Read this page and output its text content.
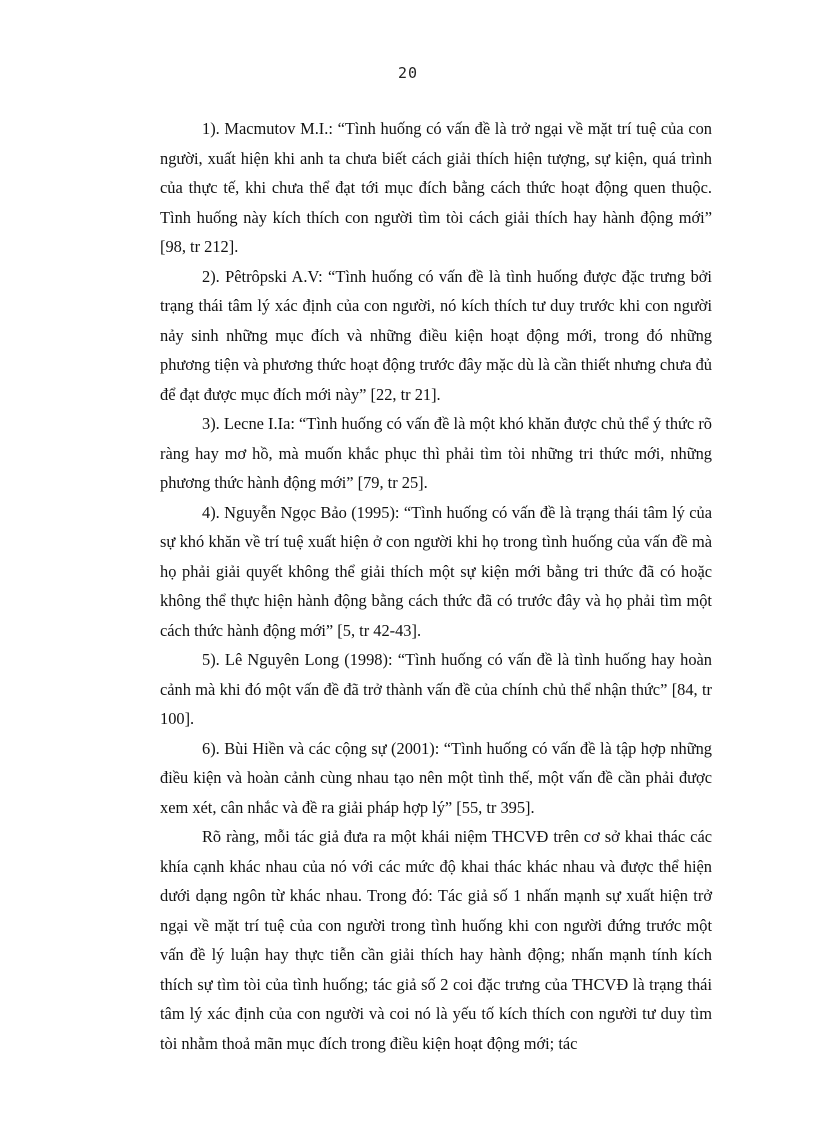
20

1). Macmutov M.I.: “Tình huống có vấn đề là trở ngại về mặt trí tuệ của con người, xuất hiện khi anh ta chưa biết cách giải thích hiện tượng, sự kiện, quá trình của thực tế, khi chưa thể đạt tới mục đích bằng cách thức hoạt động quen thuộc. Tình huống này kích thích con người tìm tòi cách giải thích hay hành động mới” [98, tr 212].

2). Pêtrôpski A.V: “Tình huống có vấn đề là tình huống được đặc trưng bởi trạng thái tâm lý xác định của con người, nó kích thích tư duy trước khi con người nảy sinh những mục đích và những điều kiện hoạt động mới, trong đó những phương tiện và phương thức hoạt động trước đây mặc dù là cần thiết nhưng chưa đủ để đạt được mục đích mới này” [22, tr 21].

3). Lecne I.Ia: “Tình huống có vấn đề là một khó khăn được chủ thể ý thức rõ ràng hay mơ hồ, mà muốn khắc phục thì phải tìm tòi những tri thức mới, những phương thức hành động mới” [79, tr 25].

4). Nguyễn Ngọc Bảo (1995): “Tình huống có vấn đề là trạng thái tâm lý của sự khó khăn về trí tuệ xuất hiện ở con người khi họ trong tình huống của vấn đề mà họ phải giải quyết không thể giải thích một sự kiện mới bằng tri thức đã có hoặc không thể thực hiện hành động bằng cách thức đã có trước đây và họ phải tìm một cách thức hành động mới” [5, tr 42-43].

5). Lê Nguyên Long (1998): “Tình huống có vấn đề là tình huống hay hoàn cảnh mà khi đó một vấn đề đã trở thành vấn đề của chính chủ thể nhận thức” [84, tr 100].

6). Bùi Hiền và các cộng sự (2001): “Tình huống có vấn đề là tập hợp những điều kiện và hoàn cảnh cùng nhau tạo nên một tình thế, một vấn đề cần phải được xem xét, cân nhắc và đề ra giải pháp hợp lý” [55, tr 395].

Rõ ràng, mỗi tác giả đưa ra một khái niệm THCVĐ trên cơ sở khai thác các khía cạnh khác nhau của nó với các mức độ khai thác khác nhau và được thể hiện dưới dạng ngôn từ khác nhau. Trong đó: Tác giả số 1 nhấn mạnh sự xuất hiện trở ngại về mặt trí tuệ của con người trong tình huống khi con người đứng trước một vấn đề lý luận hay thực tiễn cần giải thích hay hành động; nhấn mạnh tính kích thích sự tìm tòi của tình huống; tác giả số 2 coi đặc trưng của THCVĐ là trạng thái tâm lý xác định của con người và coi nó là yếu tố kích thích con người tư duy tìm tòi nhằm thoả mãn mục đích trong điều kiện hoạt động mới; tác
